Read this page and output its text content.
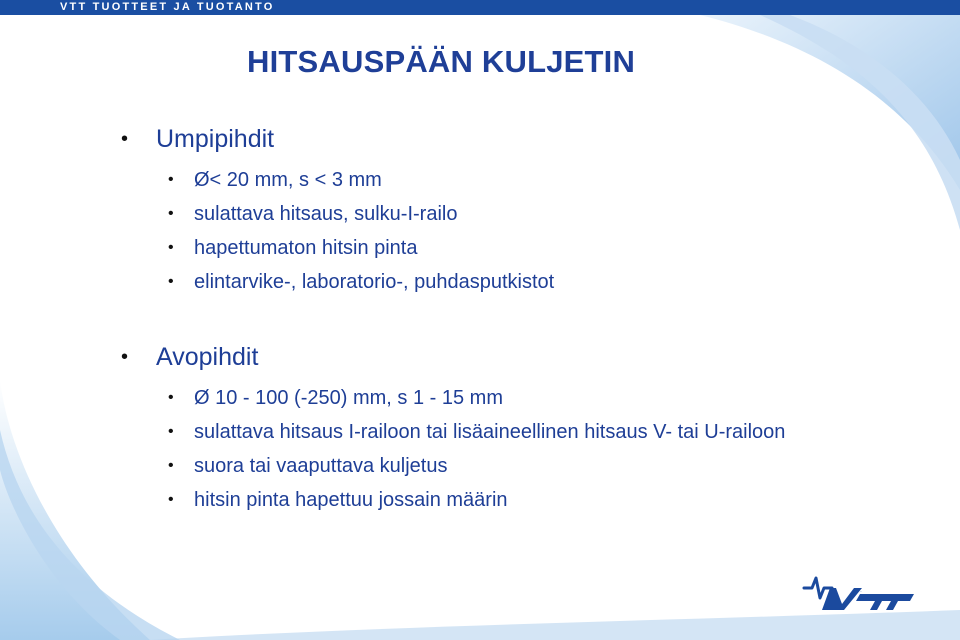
VTT TUOTTEET JA TUOTANTO
HITSAUSPÄÄN KULJETIN
• Umpipihdit
• Ø< 20 mm, s < 3 mm
• sulattava hitsaus, sulku-I-railo
• hapettumaton hitsin pinta
• elintarvike-, laboratorio-, puhdasputkistot
• Avopihdit
• Ø 10 - 100 (-250) mm, s 1 - 15 mm
• sulattava hitsaus I-railoon tai lisäaineellinen hitsaus V- tai U-railoon
• suora tai vaaputtava kuljetus
• hitsin pinta hapettuu jossain määrin
VTT
